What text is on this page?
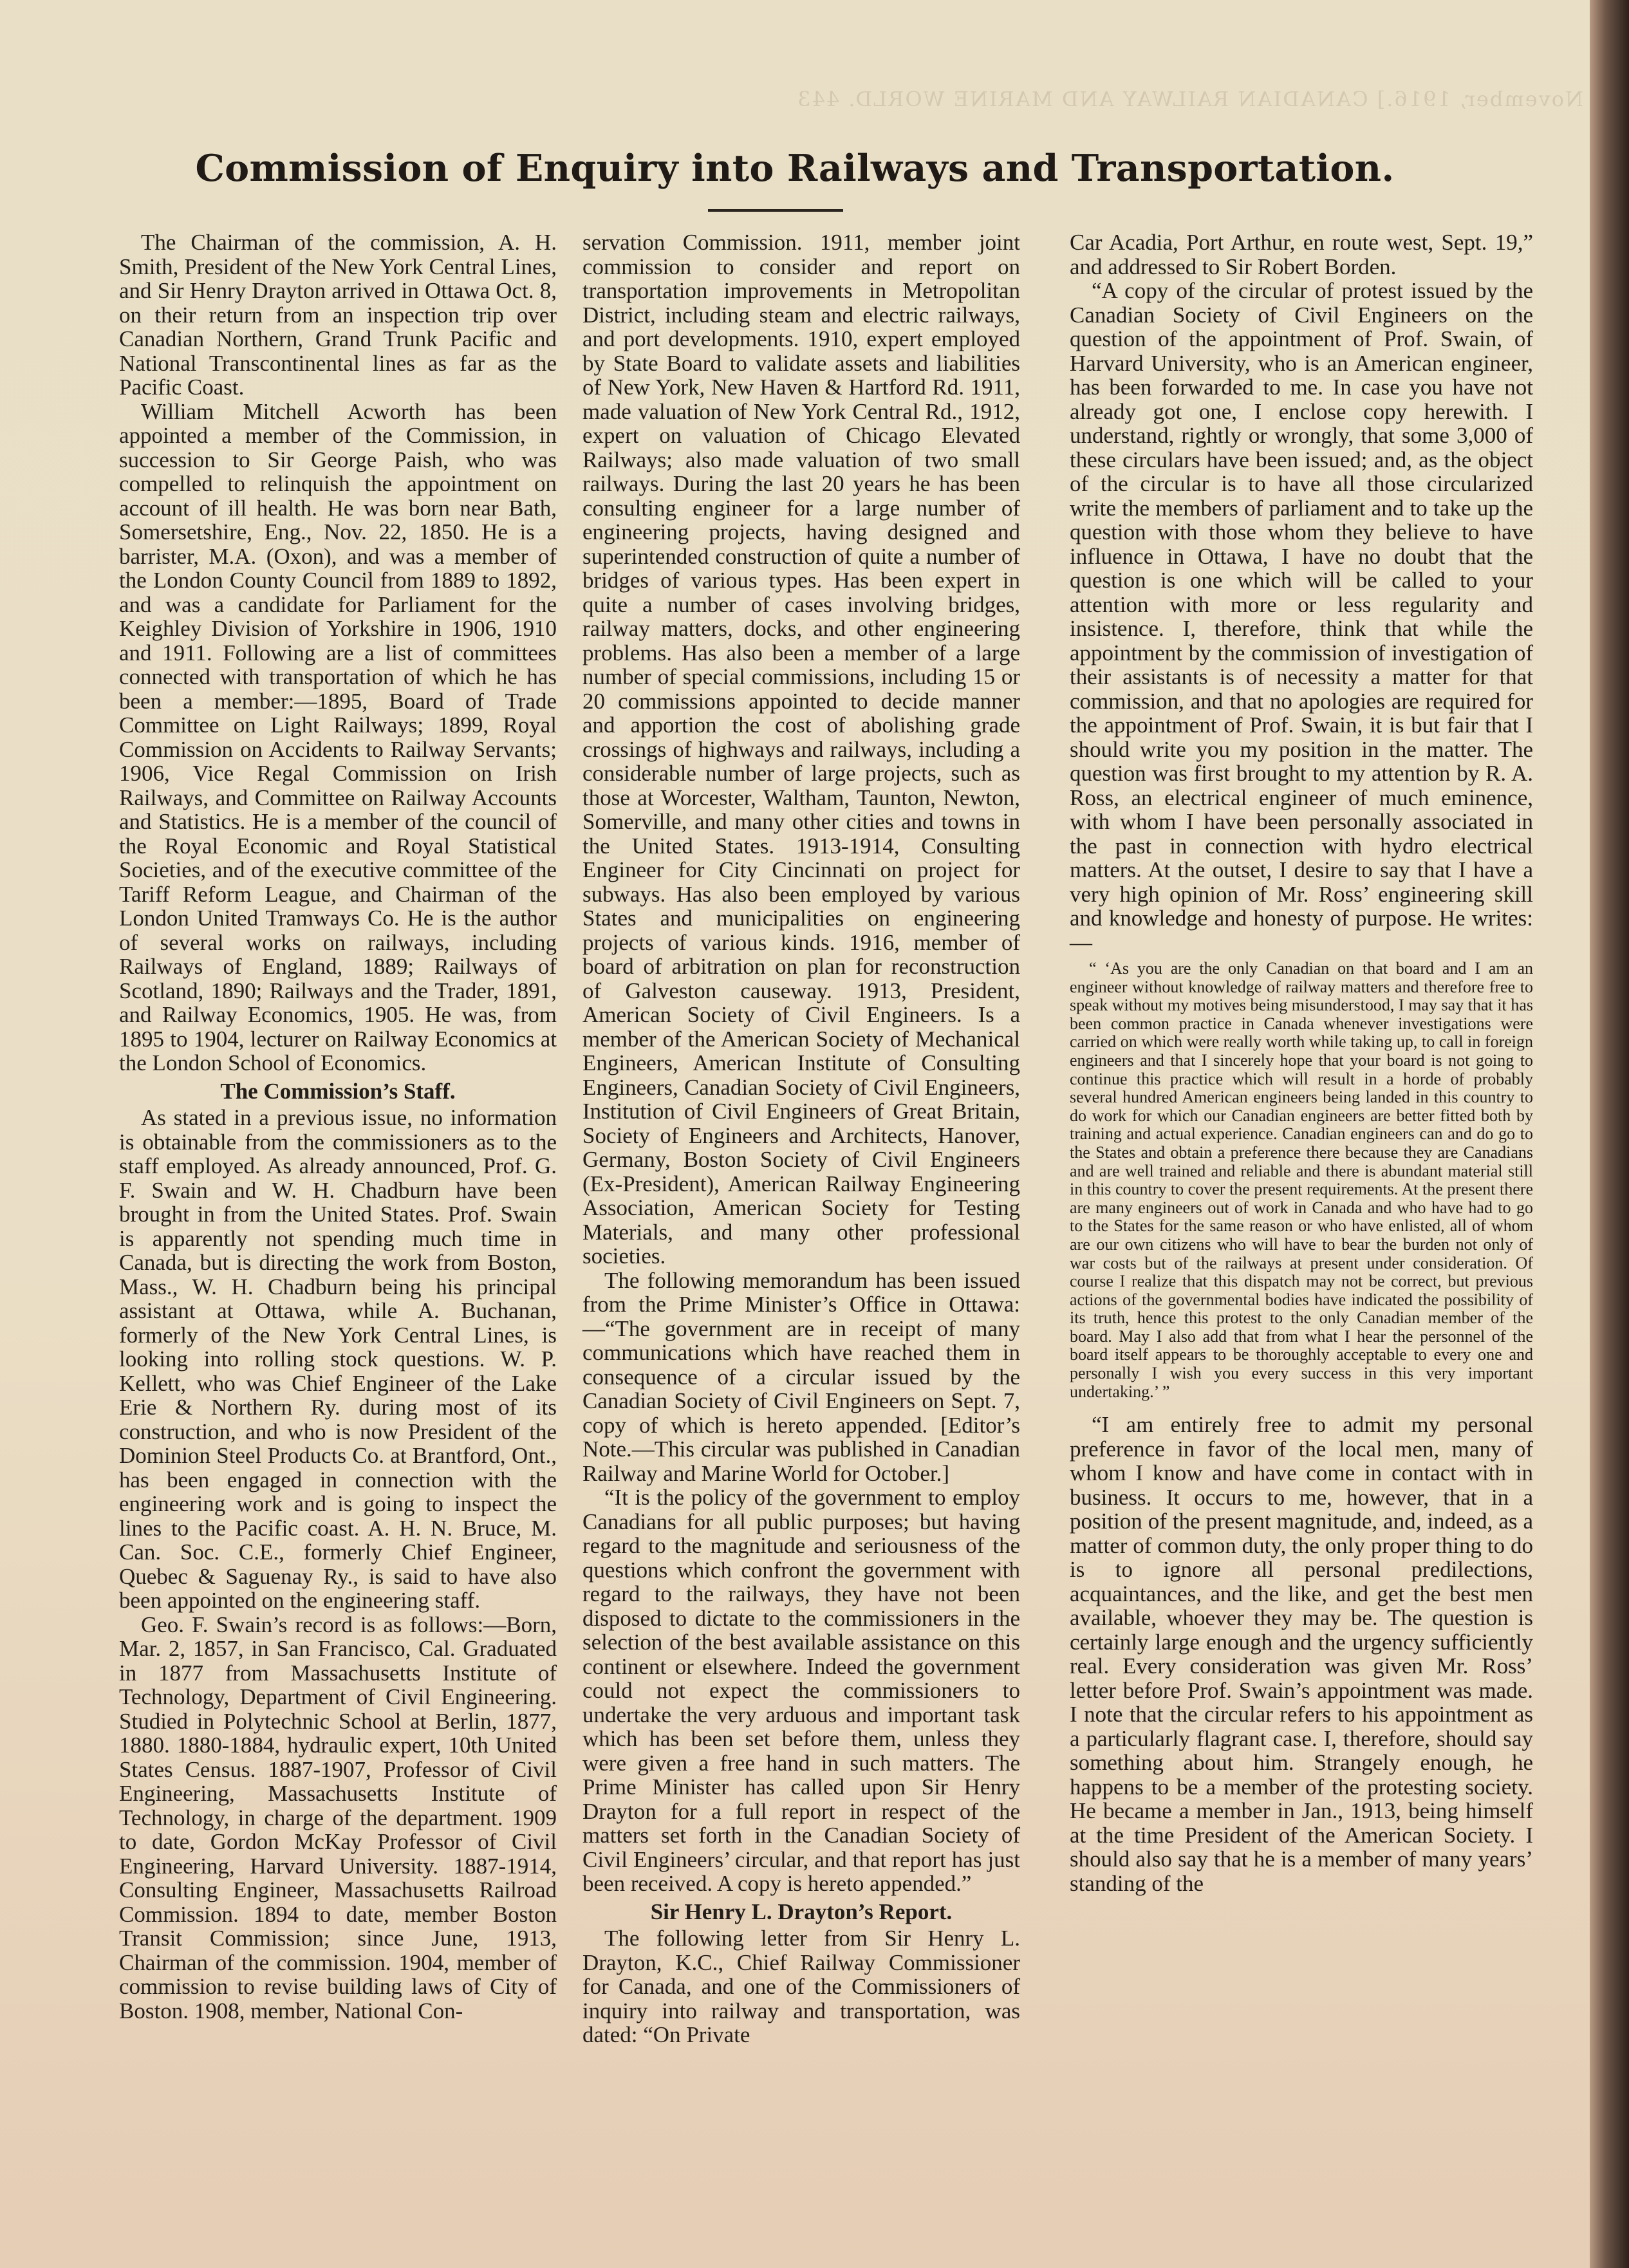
November, 1916.] CANADIAN RAILWAY AND MARINE WORLD. 443
Commission of Enquiry into Railways and Transportation.

The Chairman of the commission, A. H. Smith, President of the New York Central Lines, and Sir Henry Drayton arrived in Ottawa Oct. 8, on their return from an inspection trip over Canadian Northern, Grand Trunk Pacific and National Transcontinental lines as far as the Pacific Coast.

William Mitchell Acworth has been appointed a member of the Commission, in succession to Sir George Paish, who was compelled to relinquish the appointment on account of ill health. He was born near Bath, Somersetshire, Eng., Nov. 22, 1850. He is a barrister, M.A. (Oxon), and was a member of the London County Council from 1889 to 1892, and was a candidate for Parliament for the Keighley Division of Yorkshire in 1906, 1910 and 1911. Following are a list of committees connected with transportation of which he has been a member:—1895, Board of Trade Committee on Light Railways; 1899, Royal Commission on Accidents to Railway Servants; 1906, Vice Regal Commission on Irish Railways, and Committee on Railway Accounts and Statistics. He is a member of the council of the Royal Economic and Royal Statistical Societies, and of the executive committee of the Tariff Reform League, and Chairman of the London United Tramways Co. He is the author of several works on railways, including Railways of England, 1889; Railways of Scotland, 1890; Railways and the Trader, 1891, and Railway Economics, 1905. He was, from 1895 to 1904, lecturer on Railway Economics at the London School of Economics.

The Commission’s Staff.

As stated in a previous issue, no information is obtainable from the commissioners as to the staff employed. As already announced, Prof. G. F. Swain and W. H. Chadburn have been brought in from the United States. Prof. Swain is apparently not spending much time in Canada, but is directing the work from Boston, Mass., W. H. Chadburn being his principal assistant at Ottawa, while A. Buchanan, formerly of the New York Central Lines, is looking into rolling stock questions. W. P. Kellett, who was Chief Engineer of the Lake Erie & Northern Ry. during most of its construction, and who is now President of the Dominion Steel Products Co. at Brantford, Ont., has been engaged in connection with the engineering work and is going to inspect the lines to the Pacific coast. A. H. N. Bruce, M. Can. Soc. C.E., formerly Chief Engineer, Quebec & Saguenay Ry., is said to have also been appointed on the engineering staff.

Geo. F. Swain’s record is as follows:—Born, Mar. 2, 1857, in San Francisco, Cal. Graduated in 1877 from Massachusetts Institute of Technology, Department of Civil Engineering. Studied in Polytechnic School at Berlin, 1877, 1880. 1880-1884, hydraulic expert, 10th United States Census. 1887-1907, Professor of Civil Engineering, Massachusetts Institute of Technology, in charge of the department. 1909 to date, Gordon McKay Professor of Civil Engineering, Harvard University. 1887-1914, Consulting Engineer, Massachusetts Railroad Commission. 1894 to date, member Boston Transit Commission; since June, 1913, Chairman of the commission. 1904, member of commission to revise building laws of City of Boston. 1908, member, National Con-

servation Commission. 1911, member joint commission to consider and report on transportation improvements in Metropolitan District, including steam and electric railways, and port developments. 1910, expert employed by State Board to validate assets and liabilities of New York, New Haven & Hartford Rd. 1911, made valuation of New York Central Rd., 1912, expert on valuation of Chicago Elevated Railways; also made valuation of two small railways. During the last 20 years he has been consulting engineer for a large number of engineering projects, having designed and superintended construction of quite a number of bridges of various types. Has been expert in quite a number of cases involving bridges, railway matters, docks, and other engineering problems. Has also been a member of a large number of special commissions, including 15 or 20 commissions appointed to decide manner and apportion the cost of abolishing grade crossings of highways and railways, including a considerable number of large projects, such as those at Worcester, Waltham, Taunton, Newton, Somerville, and many other cities and towns in the United States. 1913-1914, Consulting Engineer for City Cincinnati on project for subways. Has also been employed by various States and municipalities on engineering projects of various kinds. 1916, member of board of arbitration on plan for reconstruction of Galveston causeway. 1913, President, American Society of Civil Engineers. Is a member of the American Society of Mechanical Engineers, American Institute of Consulting Engineers, Canadian Society of Civil Engineers, Institution of Civil Engineers of Great Britain, Society of Engineers and Architects, Hanover, Germany, Boston Society of Civil Engineers (Ex-President), American Railway Engineering Association, American Society for Testing Materials, and many other professional societies.

The following memorandum has been issued from the Prime Minister’s Office in Ottawa:—“The government are in receipt of many communications which have reached them in consequence of a circular issued by the Canadian Society of Civil Engineers on Sept. 7, copy of which is hereto appended. [Editor’s Note.—This circular was published in Canadian Railway and Marine World for October.]

“It is the policy of the government to employ Canadians for all public purposes; but having regard to the magnitude and seriousness of the questions which confront the government with regard to the railways, they have not been disposed to dictate to the commissioners in the selection of the best available assistance on this continent or elsewhere. Indeed the government could not expect the commissioners to undertake the very arduous and important task which has been set before them, unless they were given a free hand in such matters. The Prime Minister has called upon Sir Henry Drayton for a full report in respect of the matters set forth in the Canadian Society of Civil Engineers’ circular, and that report has just been received. A copy is hereto appended.”

Sir Henry L. Drayton’s Report.

The following letter from Sir Henry L. Drayton, K.C., Chief Railway Commissioner for Canada, and one of the Commissioners of inquiry into railway and transportation, was dated: “On Private

Car Acadia, Port Arthur, en route west, Sept. 19,” and addressed to Sir Robert Borden.

“A copy of the circular of protest issued by the Canadian Society of Civil Engineers on the question of the appointment of Prof. Swain, of Harvard University, who is an American engineer, has been forwarded to me. In case you have not already got one, I enclose copy herewith. I understand, rightly or wrongly, that some 3,000 of these circulars have been issued; and, as the object of the circular is to have all those circularized write the members of parliament and to take up the question with those whom they believe to have influence in Ottawa, I have no doubt that the question is one which will be called to your attention with more or less regularity and insistence. I, therefore, think that while the appointment by the commission of investigation of their assistants is of necessity a matter for that commission, and that no apologies are required for the appointment of Prof. Swain, it is but fair that I should write you my position in the matter. The question was first brought to my attention by R. A. Ross, an electrical engineer of much eminence, with whom I have been personally associated in the past in connection with hydro electrical matters. At the outset, I desire to say that I have a very high opinion of Mr. Ross’ engineering skill and knowledge and honesty of purpose. He writes:—

“ ‘As you are the only Canadian on that board and I am an engineer without knowledge of railway matters and therefore free to speak without my motives being misunderstood, I may say that it has been common practice in Canada whenever investigations were carried on which were really worth while taking up, to call in foreign engineers and that I sincerely hope that your board is not going to continue this practice which will result in a horde of probably several hundred American engineers being landed in this country to do work for which our Canadian engineers are better fitted both by training and actual experience. Canadian engineers can and do go to the States and obtain a preference there because they are Canadians and are well trained and reliable and there is abundant material still in this country to cover the present requirements. At the present there are many engineers out of work in Canada and who have had to go to the States for the same reason or who have enlisted, all of whom are our own citizens who will have to bear the burden not only of war costs but of the railways at present under consideration. Of course I realize that this dispatch may not be correct, but previous actions of the governmental bodies have indicated the possibility of its truth, hence this protest to the only Canadian member of the board. May I also add that from what I hear the personnel of the board itself appears to be thoroughly acceptable to every one and personally I wish you every success in this very important undertaking.’ ”

“I am entirely free to admit my personal preference in favor of the local men, many of whom I know and have come in contact with in business. It occurs to me, however, that in a position of the present magnitude, and, indeed, as a matter of common duty, the only proper thing to do is to ignore all personal predilections, acquaintances, and the like, and get the best men available, whoever they may be. The question is certainly large enough and the urgency sufficiently real. Every consideration was given Mr. Ross’ letter before Prof. Swain’s appointment was made. I note that the circular refers to his appointment as a particularly flagrant case. I, therefore, should say something about him. Strangely enough, he happens to be a member of the protesting society. He became a member in Jan., 1913, being himself at the time President of the American Society. I should also say that he is a member of many years’ standing of the
